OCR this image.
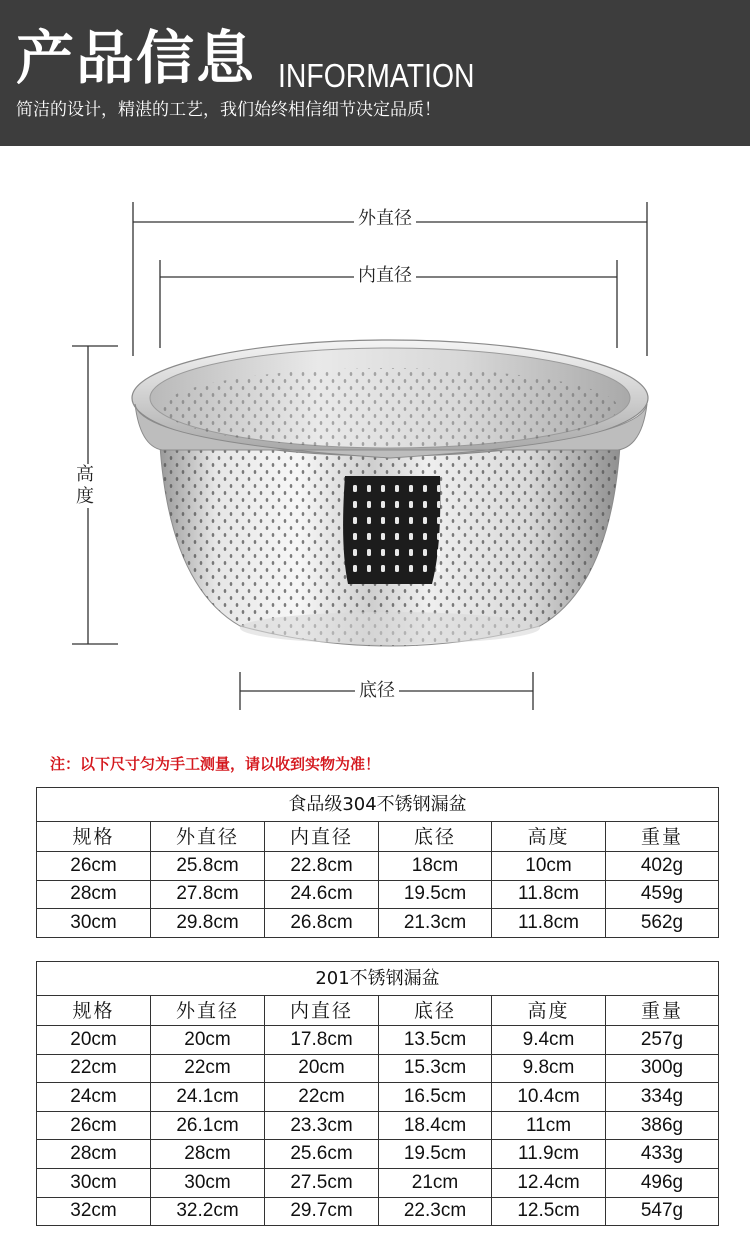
产品信息 INFORMATION
简洁的设计，精湛的工艺，我们始终相信细节决定品质！
外直径
内直径
高
度
底径
注：以下尺寸匀为手工测量，请以收到实物为准！
食品级304不锈钢漏盆					
规格	外直径	内直径	底径	高度	重量
26cm	25.8cm	22.8cm	18cm	10cm	402g
28cm	27.8cm	24.6cm	19.5cm	11.8cm	459g
30cm	29.8cm	26.8cm	21.3cm	11.8cm	562g
201不锈钢漏盆					
规格	外直径	内直径	底径	高度	重量
20cm	20cm	17.8cm	13.5cm	9.4cm	257g
22cm	22cm	20cm	15.3cm	9.8cm	300g
24cm	24.1cm	22cm	16.5cm	10.4cm	334g
26cm	26.1cm	23.3cm	18.4cm	11cm	386g
28cm	28cm	25.6cm	19.5cm	11.9cm	433g
30cm	30cm	27.5cm	21cm	12.4cm	496g
32cm	32.2cm	29.7cm	22.3cm	12.5cm	547g
